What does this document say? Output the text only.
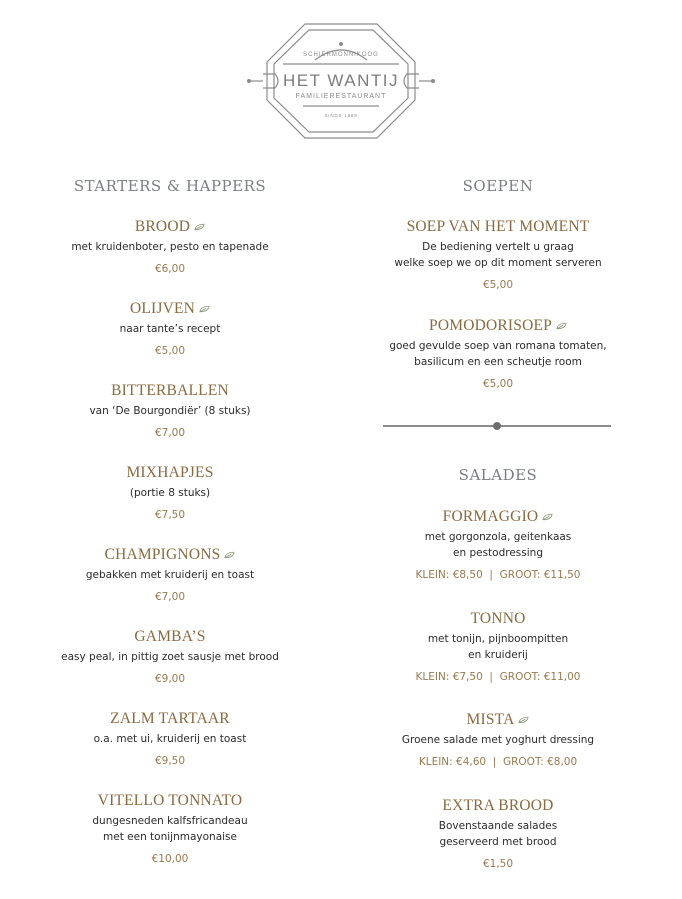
SCHIERMONNIKOOG
HET WANTIJ
FAMILIERESTAURANT
SINDS 1989
STARTERS & HAPPERS
BROOD
met kruidenboter, pesto en tapenade
€6,00
OLIJVEN
naar tante’s recept
€5,00
BITTERBALLEN
van ‘De Bourgondiër’ (8 stuks)
€7,00
MIXHAPJES
(portie 8 stuks)
€7,50
CHAMPIGNONS
gebakken met kruiderij en toast
€7,00
GAMBA’S
easy peal, in pittig zoet sausje met brood
€9,00
ZALM TARTAAR
o.a. met ui, kruiderij en toast
€9,50
VITELLO TONNATO
dungesneden kalfsfricandeau
met een tonijnmayonaise
€10,00
SOEPEN
SOEP VAN HET MOMENT
De bediening vertelt u graag
welke soep we op dit moment serveren
€5,00
POMODORISOEP
goed gevulde soep van romana tomaten,
basilicum en een scheutje room
€5,00
SALADES
FORMAGGIO
met gorgonzola, geitenkaas
en pestodressing
KLEIN: €8,50  |  GROOT: €11,50
TONNO
met tonijn, pijnboompitten
en kruiderij
KLEIN: €7,50  |  GROOT: €11,00
MISTA
Groene salade met yoghurt dressing
KLEIN: €4,60  |  GROOT: €8,00
EXTRA BROOD
Bovenstaande salades
geserveerd met brood
€1,50
